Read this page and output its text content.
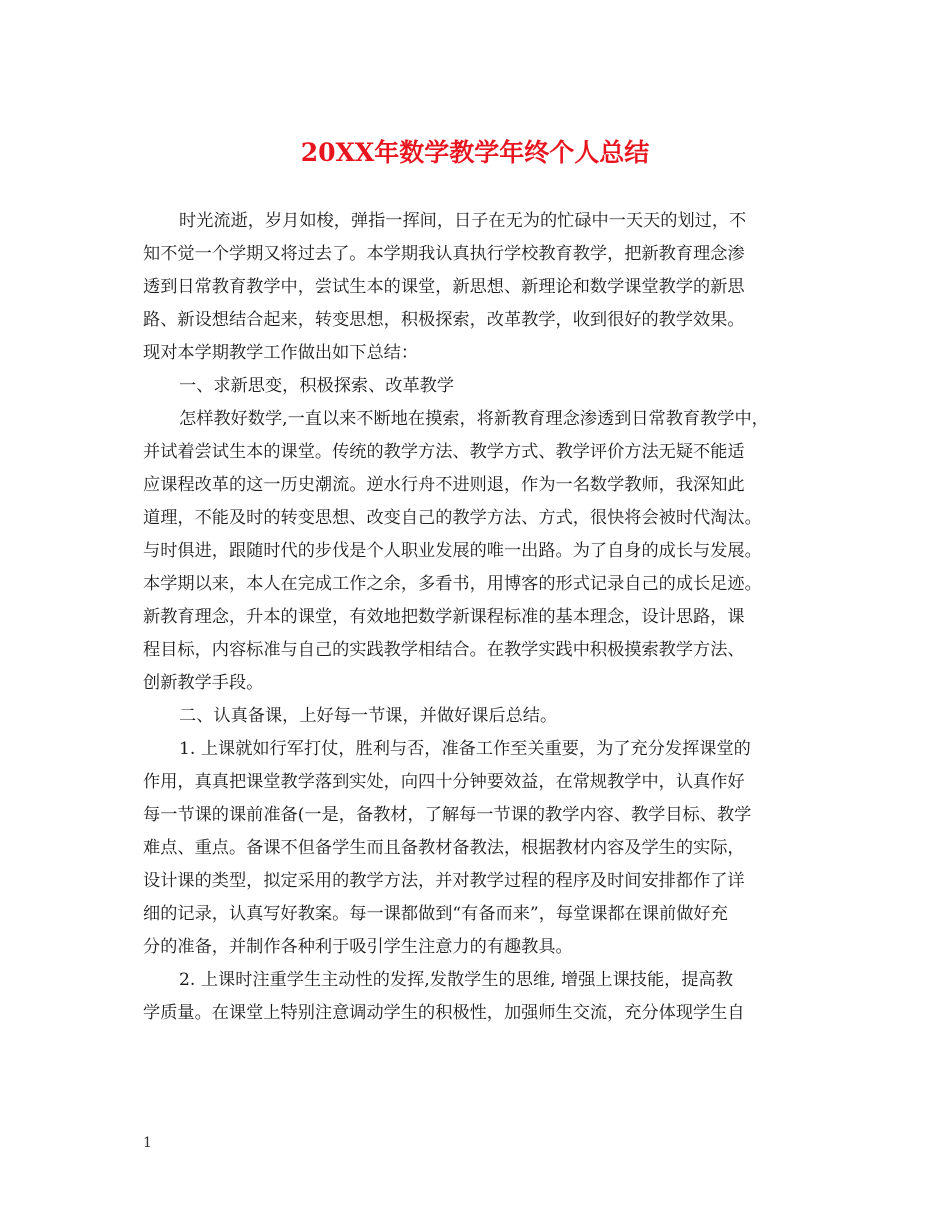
20XX年数学教学年终个人总结
时光流逝，岁月如梭，弹指一挥间，日子在无为的忙碌中一天天的划过，不
知不觉一个学期又将过去了。本学期我认真执行学校教育教学，把新教育理念渗
透到日常教育教学中，尝试生本的课堂，新思想、新理论和数学课堂教学的新思
路、新设想结合起来，转变思想，积极探索，改革教学，收到很好的教学效果。
现对本学期教学工作做出如下总结：
一、求新思变，积极探索、改革教学
怎样教好数学,一直以来不断地在摸索，将新教育理念渗透到日常教育教学中，
并试着尝试生本的课堂。传统的教学方法、教学方式、教学评价方法无疑不能适
应课程改革的这一历史潮流。逆水行舟不进则退，作为一名数学教师，我深知此
道理，不能及时的转变思想、改变自己的教学方法、方式，很快将会被时代淘汰。
与时俱进，跟随时代的步伐是个人职业发展的唯一出路。为了自身的成长与发展。
本学期以来，本人在完成工作之余，多看书，用博客的形式记录自己的成长足迹。
新教育理念，升本的课堂，有效地把数学新课程标准的基本理念，设计思路，课
程目标，内容标准与自己的实践教学相结合。在教学实践中积极摸索教学方法、
创新教学手段。
二、认真备课，上好每一节课，并做好课后总结。
1. 上课就如行军打仗，胜利与否，准备工作至关重要，为了充分发挥课堂的
作用，真真把课堂教学落到实处，向四十分钟要效益，在常规教学中，认真作好
每一节课的课前准备(一是，备教材，了解每一节课的教学内容、教学目标、教学
难点、重点。备课不但备学生而且备教材备教法，根据教材内容及学生的实际，
设计课的类型，拟定采用的教学方法，并对教学过程的程序及时间安排都作了详
细的记录，认真写好教案。每一课都做到“有备而来”，每堂课都在课前做好充
分的准备，并制作各种利于吸引学生注意力的有趣教具。
2. 上课时注重学生主动性的发挥,发散学生的思维, 增强上课技能，提高教
学质量。在课堂上特别注意调动学生的积极性，加强师生交流，充分体现学生自
1
